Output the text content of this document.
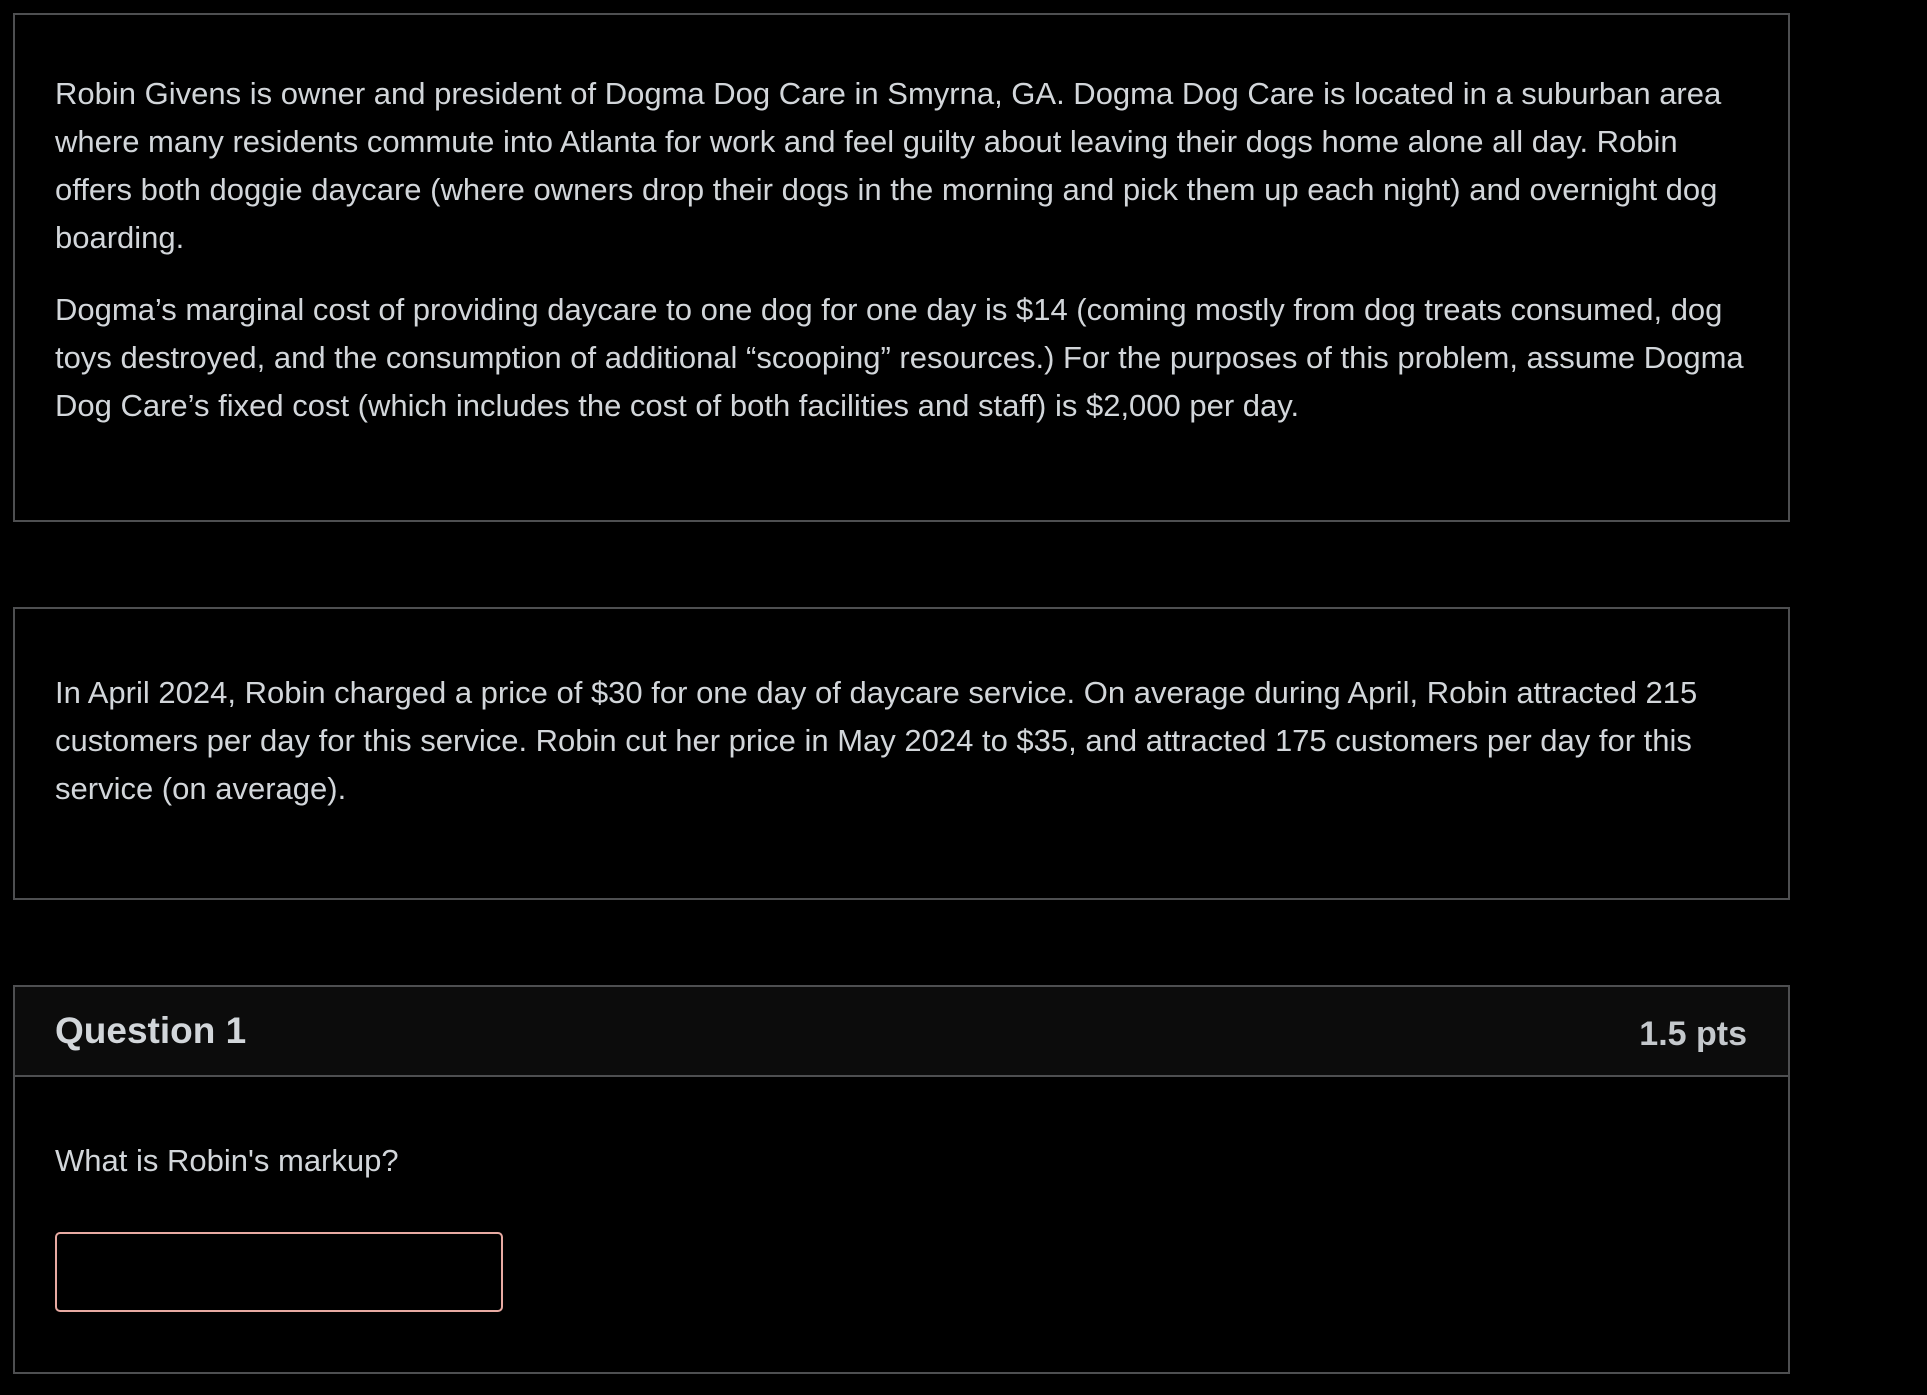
Robin Givens is owner and president of Dogma Dog Care in Smyrna, GA. Dogma Dog Care is located in a suburban area where many residents commute into Atlanta for work and feel guilty about leaving their dogs home alone all day. Robin offers both doggie daycare (where owners drop their dogs in the morning and pick them up each night) and overnight dog boarding.

Dogma’s marginal cost of providing daycare to one dog for one day is $14 (coming mostly from dog treats consumed, dog toys destroyed, and the consumption of additional “scooping” resources.) For the purposes of this problem, assume Dogma Dog Care’s fixed cost (which includes the cost of both facilities and staff) is $2,000 per day.

In April 2024, Robin charged a price of $30 for one day of daycare service. On average during April, Robin attracted 215 customers per day for this service. Robin cut her price in May 2024 to $35, and attracted 175 customers per day for this service (on average).

Question 1	1.5 pts
What is Robin's markup?
